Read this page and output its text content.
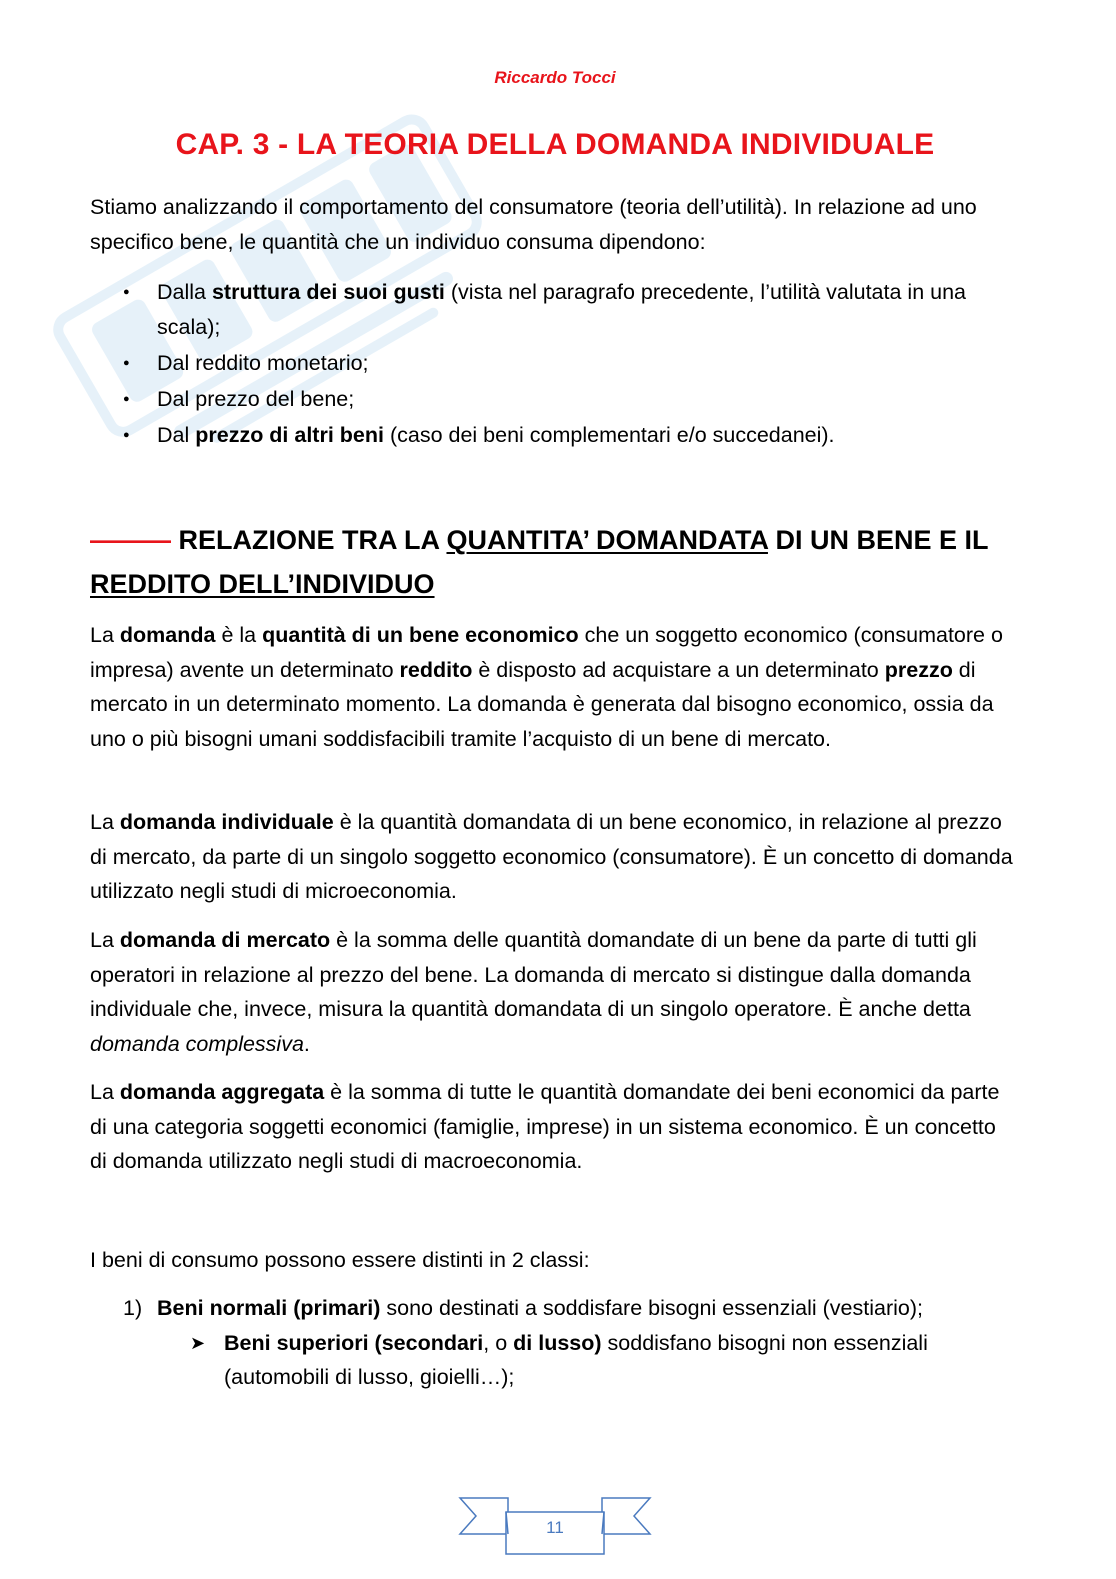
Riccardo Tocci
CAP. 3 - LA TEORIA DELLA DOMANDA INDIVIDUALE

Stiamo analizzando il comportamento del consumatore (teoria dell’utilità). In relazione ad uno specifico bene, le quantità che un individuo consuma dipendono:

● Dalla struttura dei suoi gusti (vista nel paragrafo precedente, l’utilità valutata in una scala);
● Dal reddito monetario;
● Dal prezzo del bene;
● Dal prezzo di altri beni (caso dei beni complementari e/o succedanei).
——— RELAZIONE TRA LA QUANTITA’ DOMANDATA DI UN BENE E IL REDDITO DELL’INDIVIDUO

La domanda è la quantità di un bene economico che un soggetto economico (consumatore o impresa) avente un determinato reddito è disposto ad acquistare a un determinato prezzo di mercato in un determinato momento. La domanda è generata dal bisogno economico, ossia da uno o più bisogni umani soddisfacibili tramite l’acquisto di un bene di mercato.

La domanda individuale è la quantità domandata di un bene economico, in relazione al prezzo di mercato, da parte di un singolo soggetto economico (consumatore). È un concetto di domanda utilizzato negli studi di microeconomia.

La domanda di mercato è la somma delle quantità domandate di un bene da parte di tutti gli operatori in relazione al prezzo del bene. La domanda di mercato si distingue dalla domanda individuale che, invece, misura la quantità domandata di un singolo operatore. È anche detta domanda complessiva.

La domanda aggregata è la somma di tutte le quantità domandate dei beni economici da parte di una categoria soggetti economici (famiglie, imprese) in un sistema economico. È un concetto di domanda utilizzato negli studi di macroeconomia.

I beni di consumo possono essere distinti in 2 classi:

1) Beni normali (primari) sono destinati a soddisfare bisogni essenziali (vestiario);
➤ Beni superiori (secondari, o di lusso) soddisfano bisogni non essenziali (automobili di lusso, gioielli…);
11
